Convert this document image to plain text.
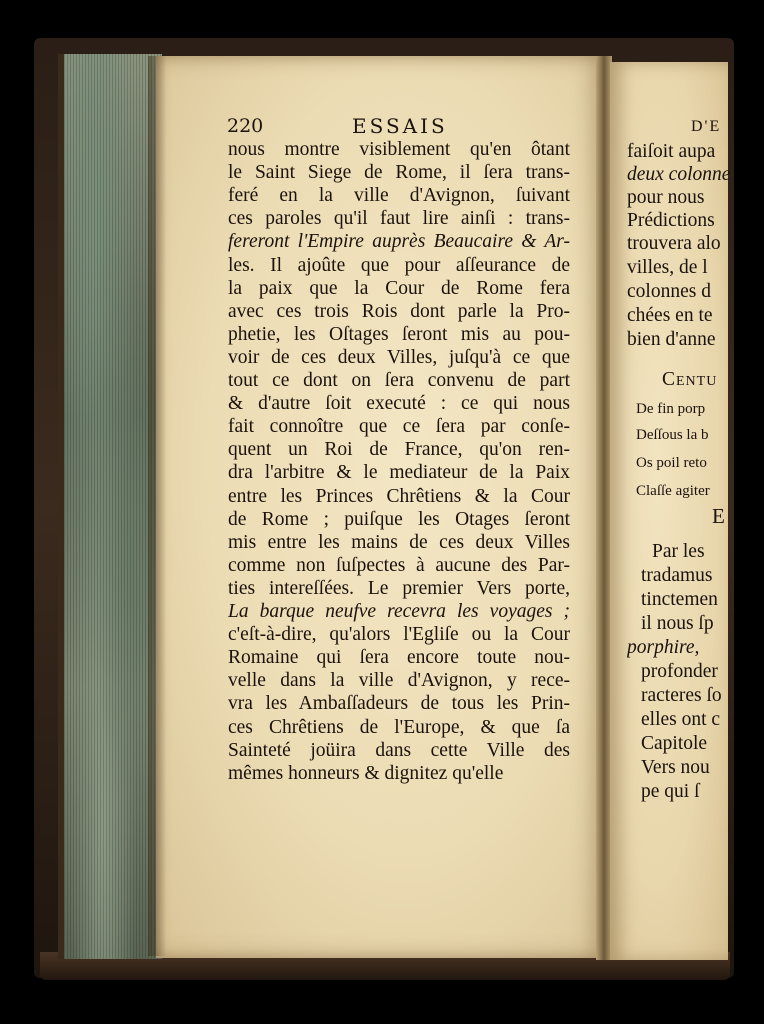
220	ESSAIS
nous montre visiblement qu'en ôtant
le Saint Siege de Rome, il ſera trans-
feré en la ville d'Avignon, ſuivant
ces paroles qu'il faut lire ainſi : trans-
fereront l'Empire auprès Beaucaire & Ar-
les. Il ajoûte que pour aſſeurance de
la paix que la Cour de Rome fera
avec ces trois Rois dont parle la Pro-
phetie, les Oſtages ſeront mis au pou-
voir de ces deux Villes, juſqu'à ce que
tout ce dont on ſera convenu de part
& d'autre ſoit executé : ce qui nous
fait connoître que ce ſera par conſe-
quent un Roi de France, qu'on ren-
dra l'arbitre & le mediateur de la Paix
entre les Princes Chrêtiens & la Cour
de Rome ; puiſque les Otages ſeront
mis entre les mains de ces deux Villes
comme non ſuſpectes à aucune des Par-
ties intereſſées. Le premier Vers porte,
La barque neufve recevra les voyages ;
c'eſt-à-dire, qu'alors l'Egliſe ou la Cour
Romaine qui ſera encore toute nou-
velle dans la ville d'Avignon, y rece-
vra les Ambaſſadeurs de tous les Prin-
ces Chrêtiens de l'Europe, & que ſa
Sainteté joüira dans cette Ville des
mêmes honneurs & dignitez qu'elle
D'E
faiſoit aupa
deux colonne
pour nous
Prédictions
trouvera alo
villes, de l
colonnes d
chées en te
bien d'anne
Centu
De fin porp
Deſſous la b
Os poil reto
Claſſe agiter
E
Par les
tradamus
tinctemen
il nous ſp
porphire,
profonder
racteres ſo
elles ont c
Capitole
Vers nou
pe qui ſ
